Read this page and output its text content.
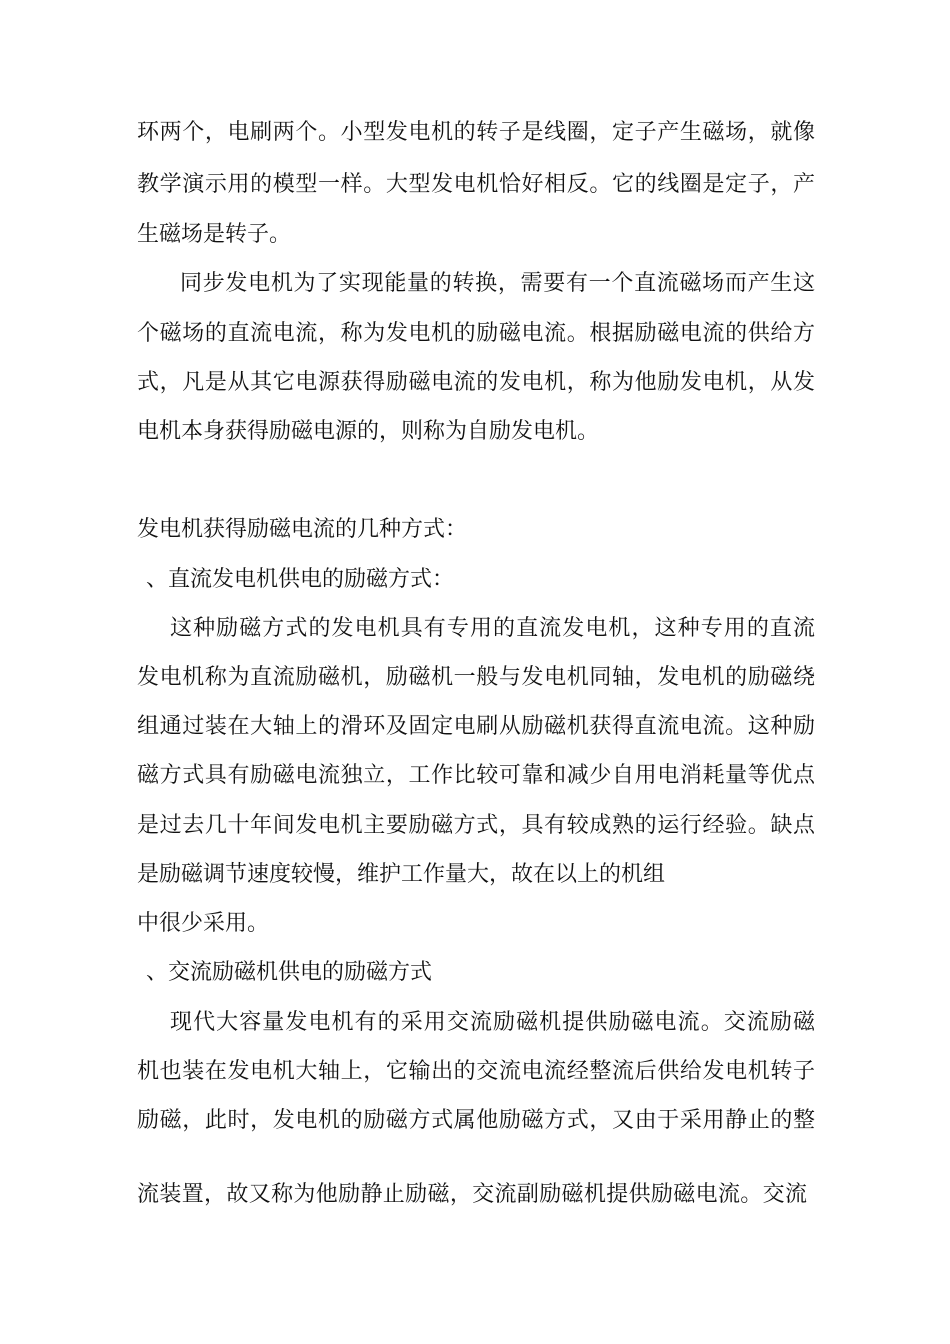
环两个，电刷两个。小型发电机的转子是线圈，定子产生磁场，就像
教学演示用的模型一样。大型发电机恰好相反。它的线圈是定子，产
生磁场是转子。
同步发电机为了实现能量的转换，需要有一个直流磁场而产生这
个磁场的直流电流，称为发电机的励磁电流。根据励磁电流的供给方
式，凡是从其它电源获得励磁电流的发电机，称为他励发电机，从发
电机本身获得励磁电源的，则称为自励发电机。
发电机获得励磁电流的几种方式：
、直流发电机供电的励磁方式：
这种励磁方式的发电机具有专用的直流发电机，这种专用的直流
发电机称为直流励磁机，励磁机一般与发电机同轴，发电机的励磁绕
组通过装在大轴上的滑环及固定电刷从励磁机获得直流电流。这种励
磁方式具有励磁电流独立，工作比较可靠和减少自用电消耗量等优点
是过去几十年间发电机主要励磁方式，具有较成熟的运行经验。缺点
是励磁调节速度较慢，维护工作量大，故在以上的机组
中很少采用。
、交流励磁机供电的励磁方式
现代大容量发电机有的采用交流励磁机提供励磁电流。交流励磁
机也装在发电机大轴上，它输出的交流电流经整流后供给发电机转子
励磁，此时，发电机的励磁方式属他励磁方式，又由于采用静止的整
流装置，故又称为他励静止励磁，交流副励磁机提供励磁电流。交流
